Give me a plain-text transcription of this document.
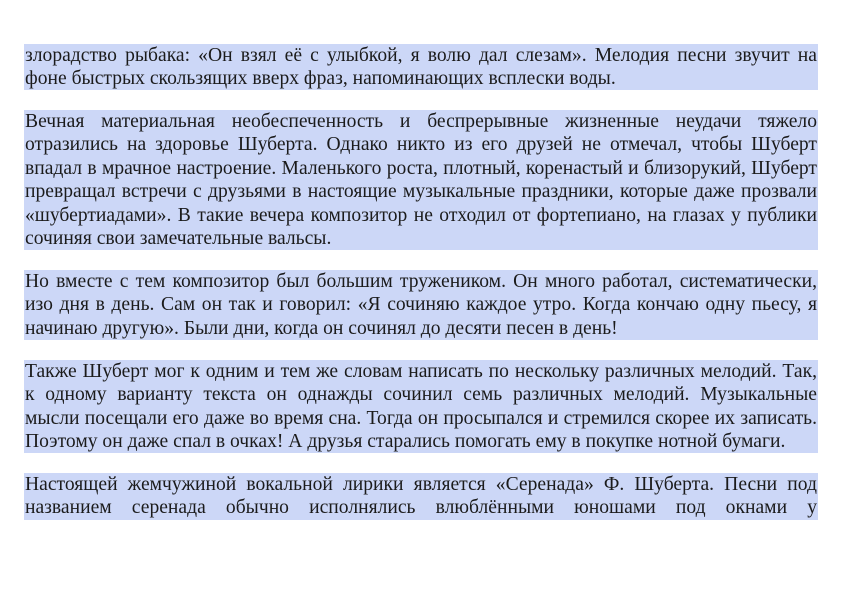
злорадство рыбака: «Он взял её с улыбкой, я волю дал слезам». Мелодия песни звучит на фоне быстрых скользящих вверх фраз, напоминающих всплески воды.

Вечная материальная необеспеченность и беспрерывные жизненные неудачи тяжело отразились на здоровье Шуберта. Однако никто из его друзей не отмечал, чтобы Шуберт впадал в мрачное настроение. Маленького роста, плотный, коренастый и близорукий, Шуберт превращал встречи с друзьями в настоящие музыкальные праздники, которые даже прозвали «шубертиадами». В такие вечера композитор не отходил от фортепиано, на глазах у публики сочиняя свои замечательные вальсы.

Но вместе с тем композитор был большим тружеником. Он много работал, систематически, изо дня в день. Сам он так и говорил: «Я сочиняю каждое утро. Когда кончаю одну пьесу, я начинаю другую». Были дни, когда он сочинял до десяти песен в день!

Также Шуберт мог к одним и тем же словам написать по нескольку различных мелодий. Так, к одному варианту текста он однажды сочинил семь различных мелодий. Музыкальные мысли посещали его даже во время сна. Тогда он просыпался и стремился скорее их записать. Поэтому он даже спал в очках! А друзья старались помогать ему в покупке нотной бумаги.

Настоящей жемчужиной вокальной лирики является «Серенада» Ф. Шуберта. Песни под названием серенада обычно исполнялись влюблёнными юношами под окнами у
